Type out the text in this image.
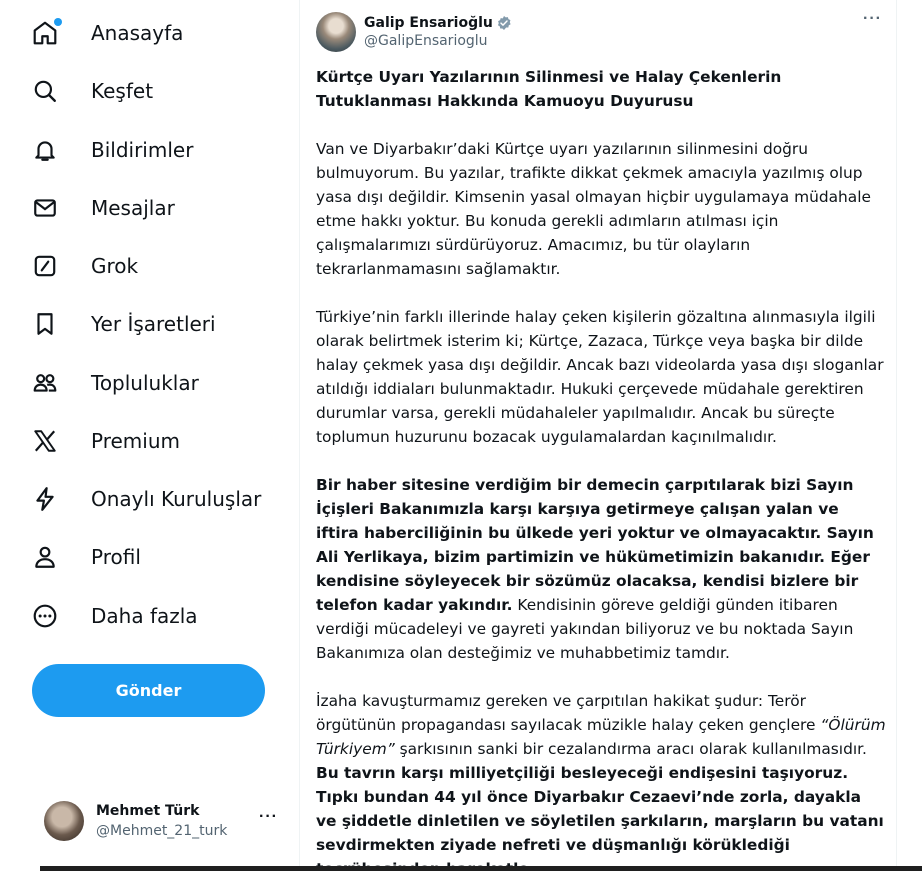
Anasayfa
Keşfet
Bildirimler
Mesajlar
Grok
Yer İşaretleri
Topluluklar
Premium
Onaylı Kuruluşlar
Profil
Daha fazla
Gönder
Mehmet Türk
@Mehmet_21_turk
···
Galip Ensarioğlu
@GalipEnsarioglu
···

Kürtçe Uyarı Yazılarının Silinmesi ve Halay Çekenlerin Tutuklanması Hakkında Kamuoyu Duyurusu

Van ve Diyarbakır’daki Kürtçe uyarı yazılarının silinmesini doğru bulmuyorum. Bu yazılar, trafikte dikkat çekmek amacıyla yazılmış olup yasa dışı değildir. Kimsenin yasal olmayan hiçbir uygulamaya müdahale etme hakkı yoktur. Bu konuda gerekli adımların atılması için çalışmalarımızı sürdürüyoruz. Amacımız, bu tür olayların tekrarlanmamasını sağlamaktır.

Türkiye’nin farklı illerinde halay çeken kişilerin gözaltına alınmasıyla ilgili olarak belirtmek isterim ki; Kürtçe, Zazaca, Türkçe veya başka bir dilde halay çekmek yasa dışı değildir. Ancak bazı videolarda yasa dışı sloganlar atıldığı iddiaları bulunmaktadır. Hukuki çerçevede müdahale gerektiren durumlar varsa, gerekli müdahaleler yapılmalıdır. Ancak bu süreçte toplumun huzurunu bozacak uygulamalardan kaçınılmalıdır.

Bir haber sitesine verdiğim bir demecin çarpıtılarak bizi Sayın İçişleri Bakanımızla karşı karşıya getirmeye çalışan yalan ve iftira haberciliğinin bu ülkede yeri yoktur ve olmayacaktır. Sayın Ali Yerlikaya, bizim partimizin ve hükümetimizin bakanıdır. Eğer kendisine söyleyecek bir sözümüz olacaksa, kendisi bizlere bir telefon kadar yakındır. Kendisinin göreve geldiği günden itibaren verdiği mücadeleyi ve gayreti yakından biliyoruz ve bu noktada Sayın Bakanımıza olan desteğimiz ve muhabbetimiz tamdır.

İzaha kavuşturmamız gereken ve çarpıtılan hakikat şudur: Terör örgütünün propagandası sayılacak müzikle halay çeken gençlere “Ölürüm Türkiyem” şarkısının sanki bir cezalandırma aracı olarak kullanılmasıdır. Bu tavrın karşı milliyetçiliği besleyeceği endişesini taşıyoruz. Tıpkı bundan 44 yıl önce Diyarbakır Cezaevi’nde zorla, dayakla ve şiddetle dinletilen ve söyletilen şarkıların, marşların bu vatanı sevdirmekten ziyade nefreti ve düşmanlığı körüklediği
